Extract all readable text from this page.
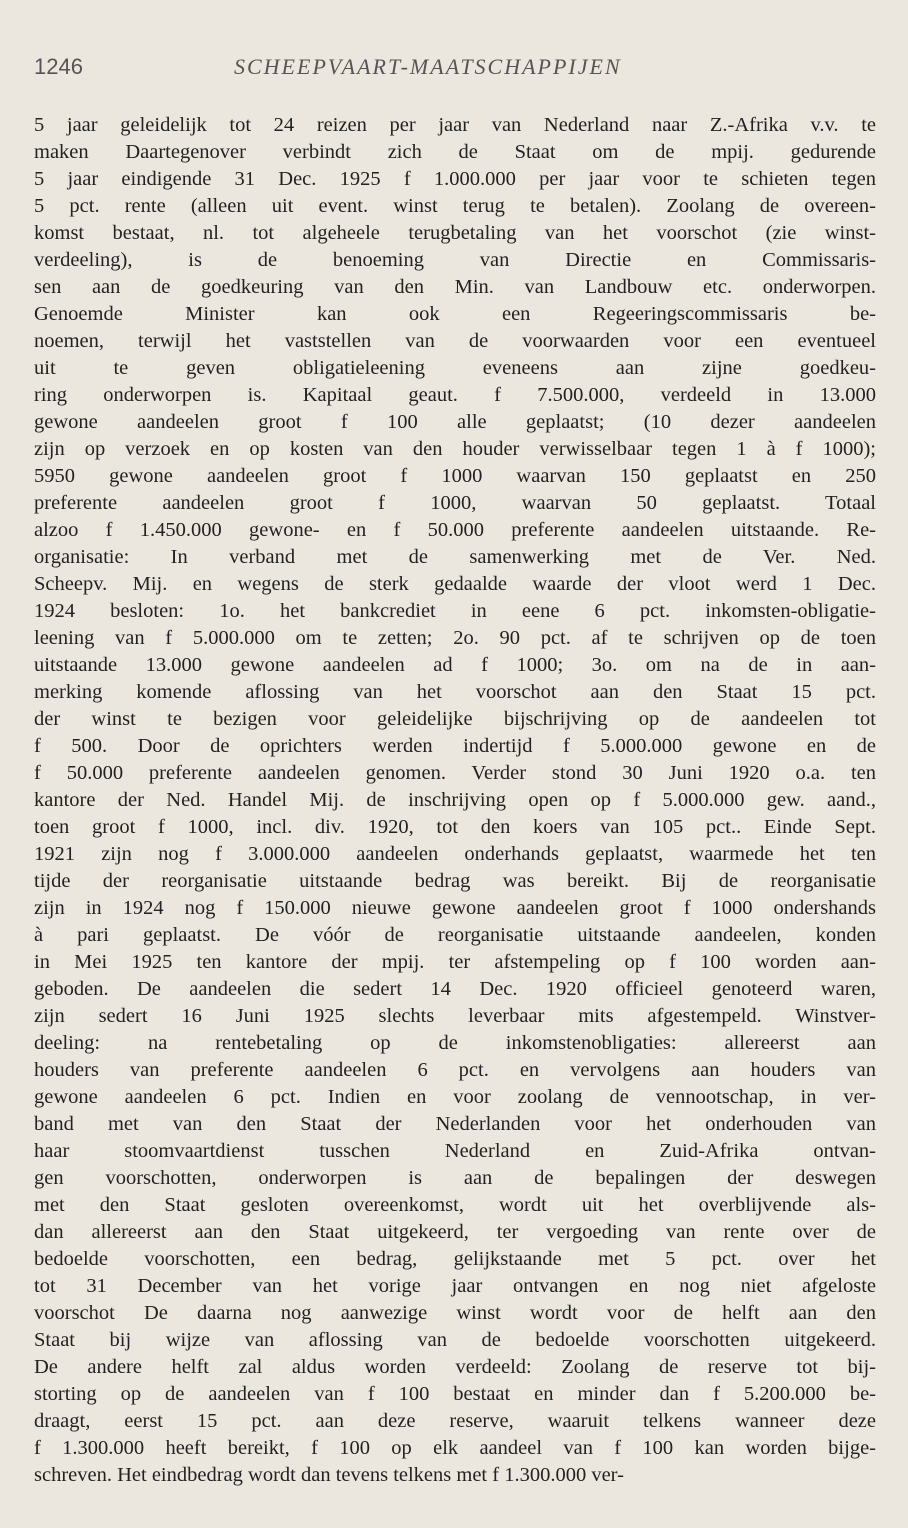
1246	SCHEEPVAART-MAATSCHAPPIJEN
5 jaar geleidelijk tot 24 reizen per jaar van Nederland naar Z.-Afrika v.v. te
maken Daartegenover verbindt zich de Staat om de mpij. gedurende
5 jaar eindigende 31 Dec. 1925 f 1.000.000 per jaar voor te schieten tegen
5 pct. rente (alleen uit event. winst terug te betalen). Zoolang de overeen-
komst bestaat, nl. tot algeheele terugbetaling van het voorschot (zie winst-
verdeeling), is de benoeming van Directie en Commissaris-
sen aan de goedkeuring van den Min. van Landbouw etc. onderworpen.
Genoemde Minister kan ook een Regeeringscommissaris be-
noemen, terwijl het vaststellen van de voorwaarden voor een eventueel
uit te geven obligatieleening eveneens aan zijne goedkeu-
ring onderworpen is. Kapitaal geaut. f 7.500.000, verdeeld in 13.000
gewone aandeelen groot f 100 alle geplaatst; (10 dezer aandeelen
zijn op verzoek en op kosten van den houder verwisselbaar tegen 1 à f 1000);
5950 gewone aandeelen groot f 1000 waarvan 150 geplaatst en 250
preferente aandeelen groot f 1000, waarvan 50 geplaatst. Totaal
alzoo f 1.450.000 gewone- en f 50.000 preferente aandeelen uitstaande. Re-
organisatie: In verband met de samenwerking met de Ver. Ned.
Scheepv. Mij. en wegens de sterk gedaalde waarde der vloot werd 1 Dec.
1924 besloten: 1o. het bankcrediet in eene 6 pct. inkomsten-obligatie-
leening van f 5.000.000 om te zetten; 2o. 90 pct. af te schrijven op de toen
uitstaande 13.000 gewone aandeelen ad f 1000; 3o. om na de in aan-
merking komende aflossing van het voorschot aan den Staat 15 pct.
der winst te bezigen voor geleidelijke bijschrijving op de aandeelen tot
f 500. Door de oprichters werden indertijd f 5.000.000 gewone en de
f 50.000 preferente aandeelen genomen. Verder stond 30 Juni 1920 o.a. ten
kantore der Ned. Handel Mij. de inschrijving open op f 5.000.000 gew. aand.,
toen groot f 1000, incl. div. 1920, tot den koers van 105 pct.. Einde Sept.
1921 zijn nog f 3.000.000 aandeelen onderhands geplaatst, waarmede het ten
tijde der reorganisatie uitstaande bedrag was bereikt. Bij de reorganisatie
zijn in 1924 nog f 150.000 nieuwe gewone aandeelen groot f 1000 ondershands
à pari geplaatst. De vóór de reorganisatie uitstaande aandeelen, konden
in Mei 1925 ten kantore der mpij. ter afstempeling op f 100 worden aan-
geboden. De aandeelen die sedert 14 Dec. 1920 officieel genoteerd waren,
zijn sedert 16 Juni 1925 slechts leverbaar mits afgestempeld. Winstver-
deeling: na rentebetaling op de inkomstenobligaties: allereerst aan
houders van preferente aandeelen 6 pct. en vervolgens aan houders van
gewone aandeelen 6 pct. Indien en voor zoolang de vennootschap, in ver-
band met van den Staat der Nederlanden voor het onderhouden van
haar stoomvaartdienst tusschen Nederland en Zuid-Afrika ontvan-
gen voorschotten, onderworpen is aan de bepalingen der deswegen
met den Staat gesloten overeenkomst, wordt uit het overblijvende als-
dan allereerst aan den Staat uitgekeerd, ter vergoeding van rente over de
bedoelde voorschotten, een bedrag, gelijkstaande met 5 pct. over het
tot 31 December van het vorige jaar ontvangen en nog niet afgeloste
voorschot De daarna nog aanwezige winst wordt voor de helft aan den
Staat bij wijze van aflossing van de bedoelde voorschotten uitgekeerd.
De andere helft zal aldus worden verdeeld: Zoolang de reserve tot bij-
storting op de aandeelen van f 100 bestaat en minder dan f 5.200.000 be-
draagt, eerst 15 pct. aan deze reserve, waaruit telkens wanneer deze
f 1.300.000 heeft bereikt, f 100 op elk aandeel van f 100 kan worden bijge-
schreven. Het eindbedrag wordt dan tevens telkens met f 1.300.000 ver-
